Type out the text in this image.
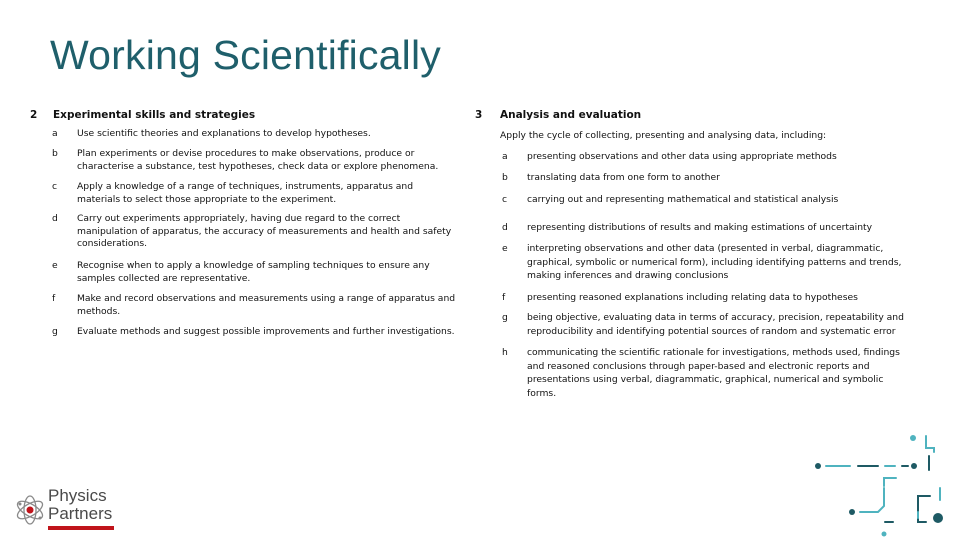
Working Scientifically
2 Experimental skills and strategies
a Use scientific theories and explanations to develop hypotheses.
b Plan experiments or devise procedures to make observations, produce or
characterise a substance, test hypotheses, check data or explore phenomena.
c Apply a knowledge of a range of techniques, instruments, apparatus and
materials to select those appropriate to the experiment.
d Carry out experiments appropriately, having due regard to the correct
manipulation of apparatus, the accuracy of measurements and health and safety
considerations.
e Recognise when to apply a knowledge of sampling techniques to ensure any
samples collected are representative.
f Make and record observations and measurements using a range of apparatus and
methods.
g Evaluate methods and suggest possible improvements and further investigations.
3 Analysis and evaluation
Apply the cycle of collecting, presenting and analysing data, including:
a presenting observations and other data using appropriate methods
b translating data from one form to another
c carrying out and representing mathematical and statistical analysis
d representing distributions of results and making estimations of uncertainty
e interpreting observations and other data (presented in verbal, diagrammatic,
graphical, symbolic or numerical form), including identifying patterns and trends,
making inferences and drawing conclusions
f presenting reasoned explanations including relating data to hypotheses
g being objective, evaluating data in terms of accuracy, precision, repeatability and
reproducibility and identifying potential sources of random and systematic error
h communicating the scientific rationale for investigations, methods used, findings
and reasoned conclusions through paper-based and electronic reports and
presentations using verbal, diagrammatic, graphical, numerical and symbolic
forms.
Physics
Partners
